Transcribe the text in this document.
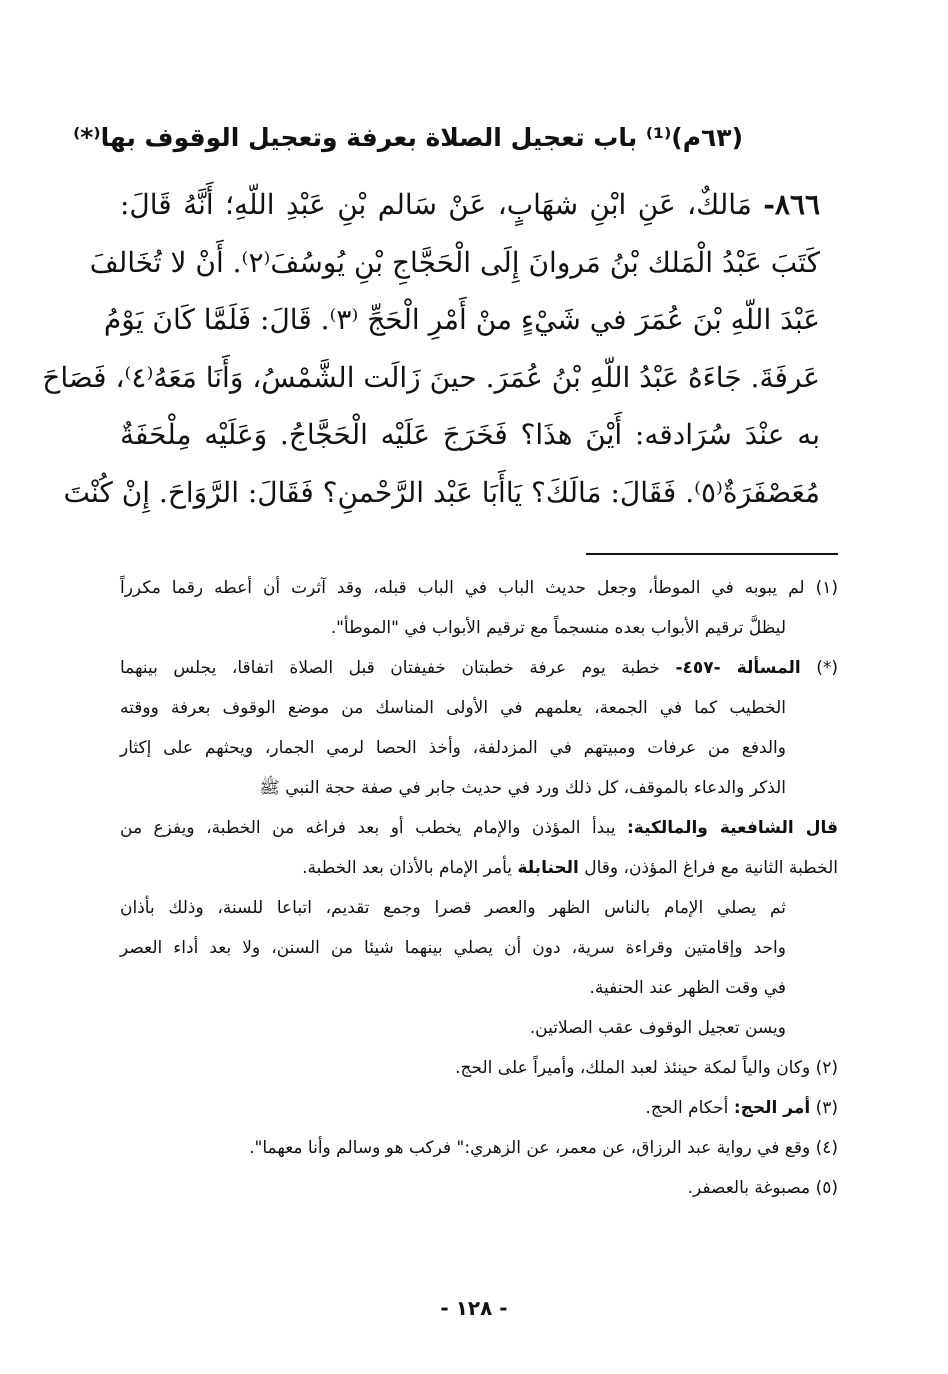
(٦٣م)⁽¹⁾ باب تعجيل الصلاة بعرفة وتعجيل الوقوف بها⁽*⁾
٨٦٦- مَالكٌ، عَنِ ابْنِ شهَابٍ، عَنْ سَالم بْنِ عَبْدِ اللّهِ؛ أَنَّهُ قَالَ:
كَتَبَ عَبْدُ الْمَلك بْنُ مَروانَ إِلَى الْحَجَّاجِ بْنِ يُوسُفَ⁽٢⁾. أَنْ لا تُخَالفَ
عَبْدَ اللّهِ بْنَ عُمَرَ في شَيْءٍ منْ أَمْرِ الْحَجِّ ⁽٣⁾. قَالَ: فَلَمَّا كَانَ يَوْمُ
عَرفَةَ. جَاءَهُ عَبْدُ اللّهِ بْنُ عُمَرَ. حينَ زَالَت الشَّمْسُ، وَأَنَا مَعَهُ⁽٤⁾، فَصَاحَ
به عنْدَ سُرَادقه: أَيْنَ هذَا؟ فَخَرَجَ عَلَيْه الْحَجَّاجُ. وَعَلَيْه مِلْحَفَةٌ
مُعَصْفَرَةٌ⁽٥⁾. فَقَالَ: مَالَكَ؟ يَاأَبَا عَبْد الرَّحْمنِ؟ فَقَالَ: الرَّوَاحَ. إِنْ كُنْتَ
(١) لم يبوبه في الموطأ، وجعل حديث الباب في الباب قبله، وقد آثرت أن أعطه رقما مكرراً
ليظلَّ ترقيم الأبواب بعده منسجماً مع ترقيم الأبواب في "الموطأ".
(*) المسألة -٤٥٧- خطبة يوم عرفة خطبتان خفيفتان قبل الصلاة اتفاقا، يجلس بينهما
الخطيب كما في الجمعة، يعلمهم في الأولى المناسك من موضع الوقوف بعرفة ووقته
والدفع من عرفات ومبيتهم في المزدلفة، وأخذ الحصا لرمي الجمار، ويحثهم على إكثار
الذكر والدعاء بالموقف، كل ذلك ورد في حديث جابر في صفة حجة النبي ﷺ
قال الشافعية والمالكية: يبدأ المؤذن والإمام يخطب أو بعد فراغه من الخطبة، ويفزع من
الخطبة الثانية مع فراغ المؤذن، وقال الحنابلة يأمر الإمام بالأذان بعد الخطبة.
ثم يصلي الإمام بالناس الظهر والعصر قصرا وجمع تقديم، اتباعا للسنة، وذلك بأذان
واحد وإقامتين وقراءة سرية، دون أن يصلي بينهما شيئا من السنن، ولا بعد أداء العصر
في وقت الظهر عند الحنفية.
ويسن تعجيل الوقوف عقب الصلاتين.
(٢) وكان والياً لمكة حينئذ لعبد الملك، وأميراً على الحج.
(٣) أمر الحج: أحكام الحج.
(٤) وقع في رواية عبد الرزاق، عن معمر، عن الزهري:" فركب هو وسالم وأنا معهما".
(٥) مصبوغة بالعصفر.
- ١٢٨ -
